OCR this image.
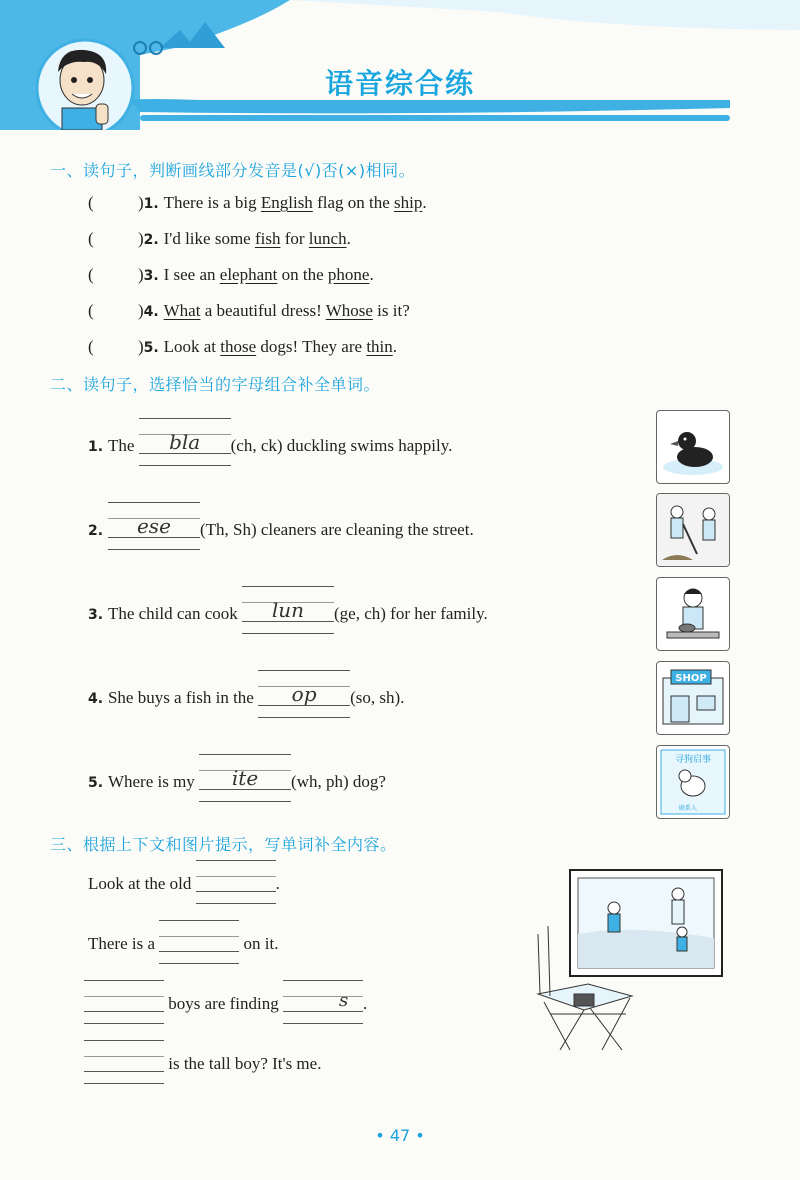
语音综合练
一、读句子，判断画线部分发音是(√)否(×)相同。
(	)1. There is a big English flag on the ship.
(	)2. I'd like some fish for lunch.
(	)3. I see an elephant on the phone.
(	)4. What a beautiful dress! Whose is it?
(	)5. Look at those dogs! They are thin.
二、读句子，选择恰当的字母组合补全单词。
1. The
bla (ch, ck) duckling swims happily.
2.
ese (Th, Sh) cleaners are cleaning the street.
3. The child can cook
lun (ge, ch) for her family.
4. She buys a fish in the
op (so, sh).
5. Where is my
ite (wh, ph) dog?
SHOP
寻狗启事
联系人
三、根据上下文和图片提示，写单词补全内容。
Look at the old	.
There is a	on it.
boys are finding	s .
is the tall boy? It's me.
• 47 •
